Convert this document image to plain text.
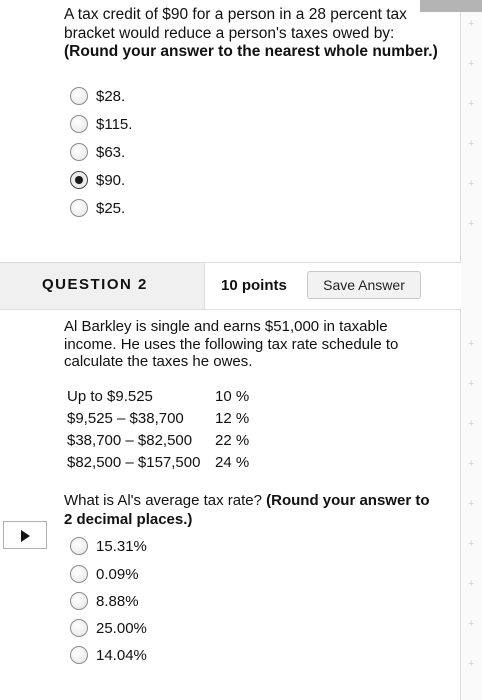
+
+
+
+
+
+
+
+
+
+
+
+
+
+
+
A tax credit of $90 for a person in a 28 percent tax bracket would reduce a person's taxes owed by: (Round your answer to the nearest whole number.)
$28.
$115.
$63.
$90.
$25.
QUESTION 2	10 points	Save Answer
Al Barkley is single and earns $51,000 in taxable income. He uses the following tax rate schedule to calculate the taxes he owes.
Up to $9.525	10 %
$9,525 – $38,700	12 %
$38,700 – $82,500	22 %
$82,500 – $157,500	24 %
What is Al's average tax rate? (Round your answer to 2 decimal places.)
15.31%
0.09%
8.88%
25.00%
14.04%
